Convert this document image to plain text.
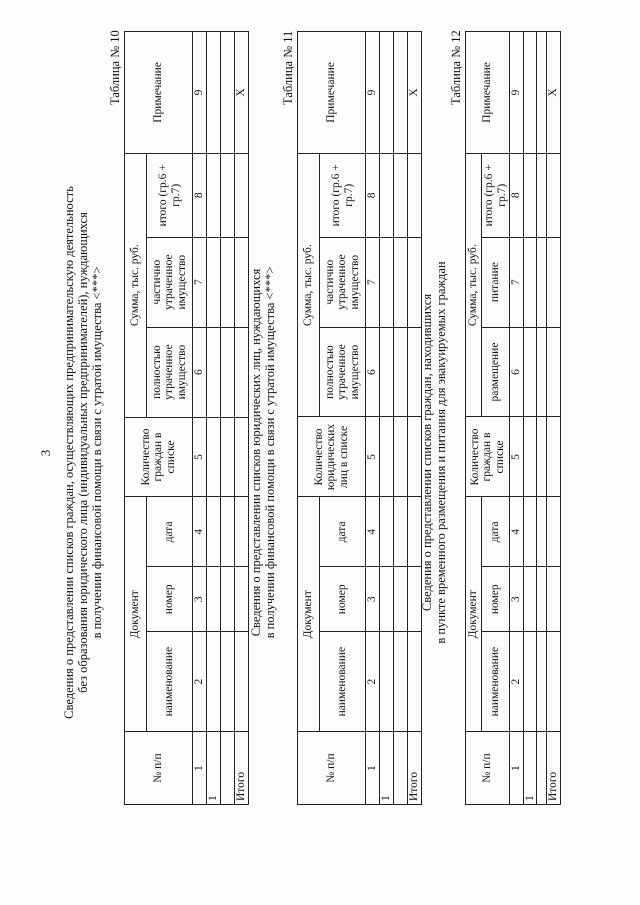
3 Сведения о представлении списков граждан, осуществляющих предпринимательскую деятельность без образования юридического лица (индивидуальных предпринимателей), нуждающихся в получении финансовой помощи в связи с утратой имущества <***>
Таблица № 10
№ п/п	Документ			Количество граждан в списке	Сумма, тыс. руб.			Примечание
	наименование	номер	дата		полностью утраченное имущество	частично утраченное имущество	итого (гр.6 + гр.7)	
1	2	3	4	5	6	7	8	9
1								

Итого								X
Сведения о представлении списков юридических лиц, нуждающихся в получении финансовой помощи в связи с утратой имущества <***>
Таблица № 11
№ п/п	Документ			Количество юридических лиц в списке	Сумма, тыс. руб.			Примечание
	наименование	номер	дата		полностью утраченное имущество	частично утраченное имущество	итого (гр.6 + гр.7)	
1	2	3	4	5	6	7	8	9
1								

Итого								X
Сведения о представлении списков граждан, находившихся в пункте временного размещения и питания для эвакуируемых граждан
Таблица № 12
№ п/п	Документ			Количество граждан в списке	Сумма, тыс. руб.			Примечание
	наименование	номер	дата		размещение	питание	итого (гр.6 + гр.7)	
1	2	3	4	5	6	7	8	9
1								

Итого								X
